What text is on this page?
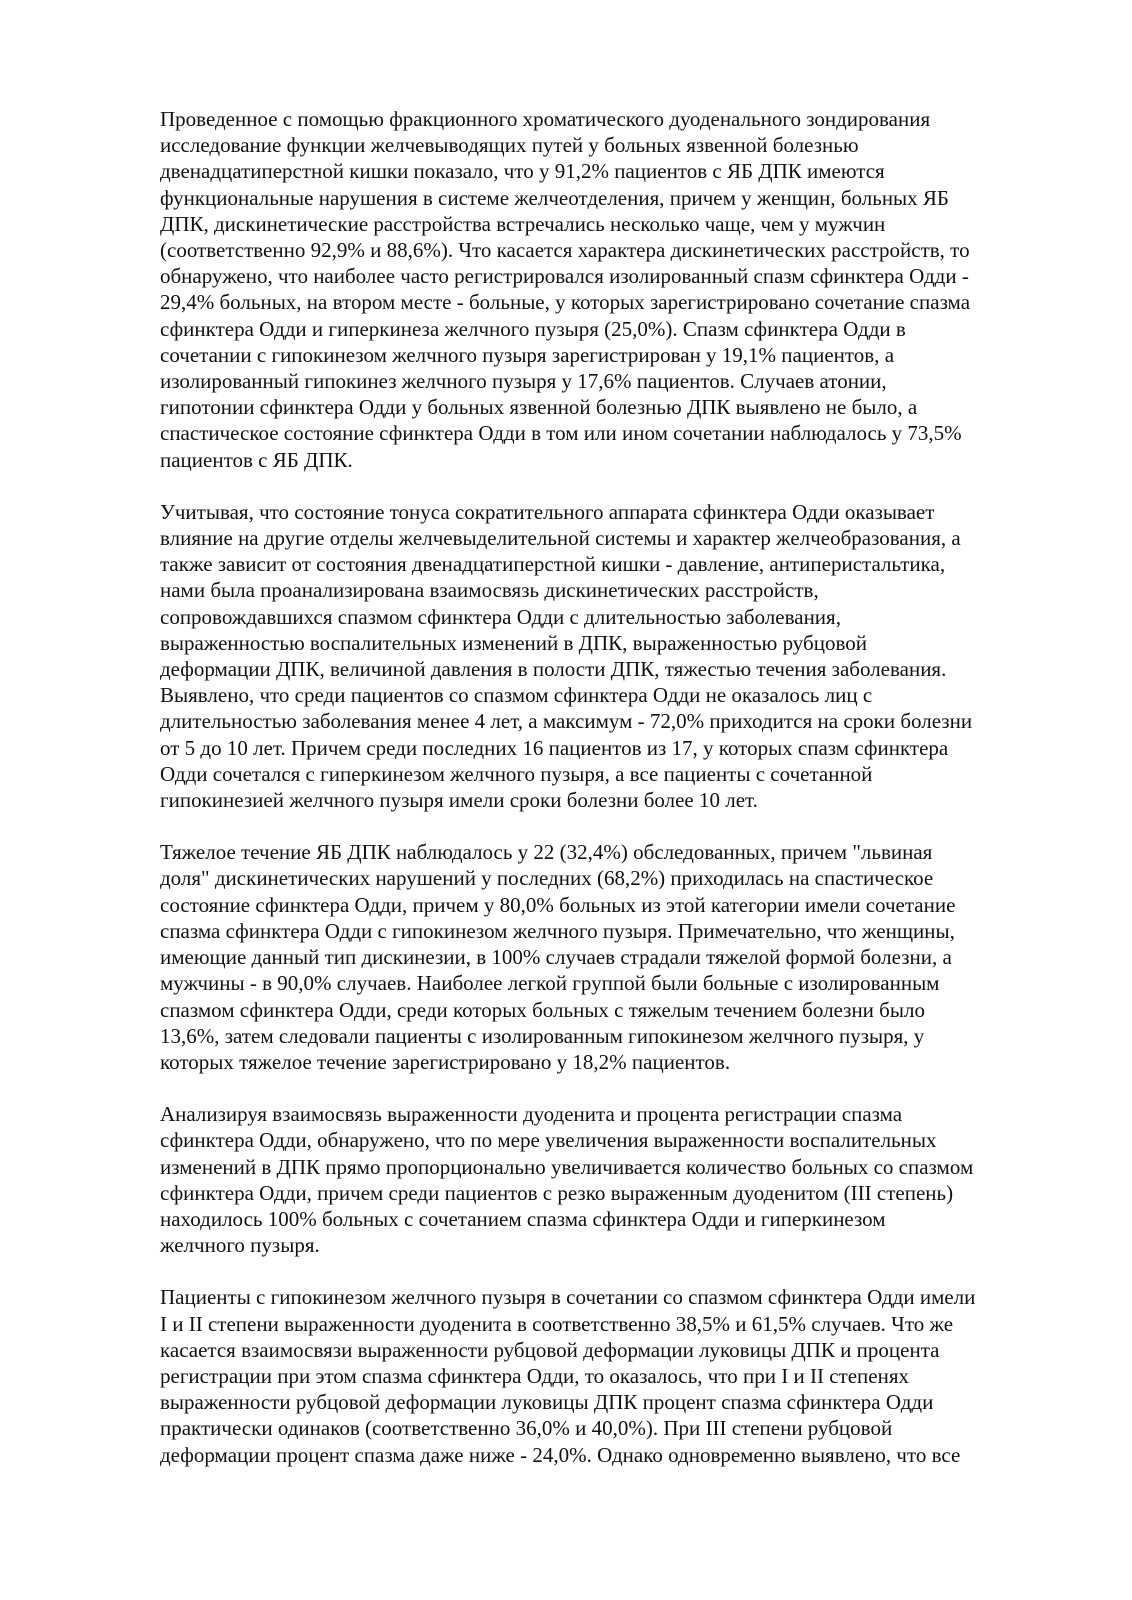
Проведенное с помощью фракционного хроматического дуоденального зондирования
исследование функции желчевыводящих путей у больных язвенной болезнью
двенадцатиперстной кишки показало, что у 91,2% пациентов с ЯБ ДПК имеются
функциональные нарушения в системе желчеотделения, причем у женщин, больных ЯБ
ДПК, дискинетические расстройства встречались несколько чаще, чем у мужчин
(соответственно 92,9% и 88,6%). Что касается характера дискинетических расстройств, то
обнаружено, что наиболее часто регистрировался изолированный спазм сфинктера Одди -
29,4% больных, на втором месте - больные, у которых зарегистрировано сочетание спазма
сфинктера Одди и гиперкинеза желчного пузыря (25,0%). Спазм сфинктера Одди в
сочетании с гипокинезом желчного пузыря зарегистрирован у 19,1% пациентов, а
изолированный гипокинез желчного пузыря у 17,6% пациентов. Случаев атонии,
гипотонии сфинктера Одди у больных язвенной болезнью ДПК выявлено не было, а
спастическое состояние сфинктера Одди в том или ином сочетании наблюдалось у 73,5%
пациентов с ЯБ ДПК.

Учитывая, что состояние тонуса сократительного аппарата сфинктера Одди оказывает
влияние на другие отделы желчевыделительной системы и характер желчеобразования, а
также зависит от состояния двенадцатиперстной кишки - давление, антиперистальтика,
нами была проанализирована взаимосвязь дискинетических расстройств,
сопровождавшихся спазмом сфинктера Одди с длительностью заболевания,
выраженностью воспалительных изменений в ДПК, выраженностью рубцовой
деформации ДПК, величиной давления в полости ДПК, тяжестью течения заболевания.
Выявлено, что среди пациентов со спазмом сфинктера Одди не оказалось лиц с
длительностью заболевания менее 4 лет, а максимум - 72,0% приходится на сроки болезни
от 5 до 10 лет. Причем среди последних 16 пациентов из 17, у которых спазм сфинктера
Одди сочетался с гиперкинезом желчного пузыря, а все пациенты с сочетанной
гипокинезией желчного пузыря имели сроки болезни более 10 лет.

Тяжелое течение ЯБ ДПК наблюдалось у 22 (32,4%) обследованных, причем "львиная
доля" дискинетических нарушений у последних (68,2%) приходилась на спастическое
состояние сфинктера Одди, причем у 80,0% больных из этой категории имели сочетание
спазма сфинктера Одди с гипокинезом желчного пузыря. Примечательно, что женщины,
имеющие данный тип дискинезии, в 100% случаев страдали тяжелой формой болезни, а
мужчины - в 90,0% случаев. Наиболее легкой группой были больные с изолированным
спазмом сфинктера Одди, среди которых больных с тяжелым течением болезни было
13,6%, затем следовали пациенты с изолированным гипокинезом желчного пузыря, у
которых тяжелое течение зарегистрировано у 18,2% пациентов.

Анализируя взаимосвязь выраженности дуоденита и процента регистрации спазма
сфинктера Одди, обнаружено, что по мере увеличения выраженности воспалительных
изменений в ДПК прямо пропорционально увеличивается количество больных со спазмом
сфинктера Одди, причем среди пациентов с резко выраженным дуоденитом (III степень)
находилось 100% больных с сочетанием спазма сфинктера Одди и гиперкинезом
желчного пузыря.

Пациенты с гипокинезом желчного пузыря в сочетании со спазмом сфинктера Одди имели
I и II степени выраженности дуоденита в соответственно 38,5% и 61,5% случаев. Что же
касается взаимосвязи выраженности рубцовой деформации луковицы ДПК и процента
регистрации при этом спазма сфинктера Одди, то оказалось, что при I и II степенях
выраженности рубцовой деформации луковицы ДПК процент спазма сфинктера Одди
практически одинаков (соответственно 36,0% и 40,0%). При III степени рубцовой
деформации процент спазма даже ниже - 24,0%. Однако одновременно выявлено, что все
